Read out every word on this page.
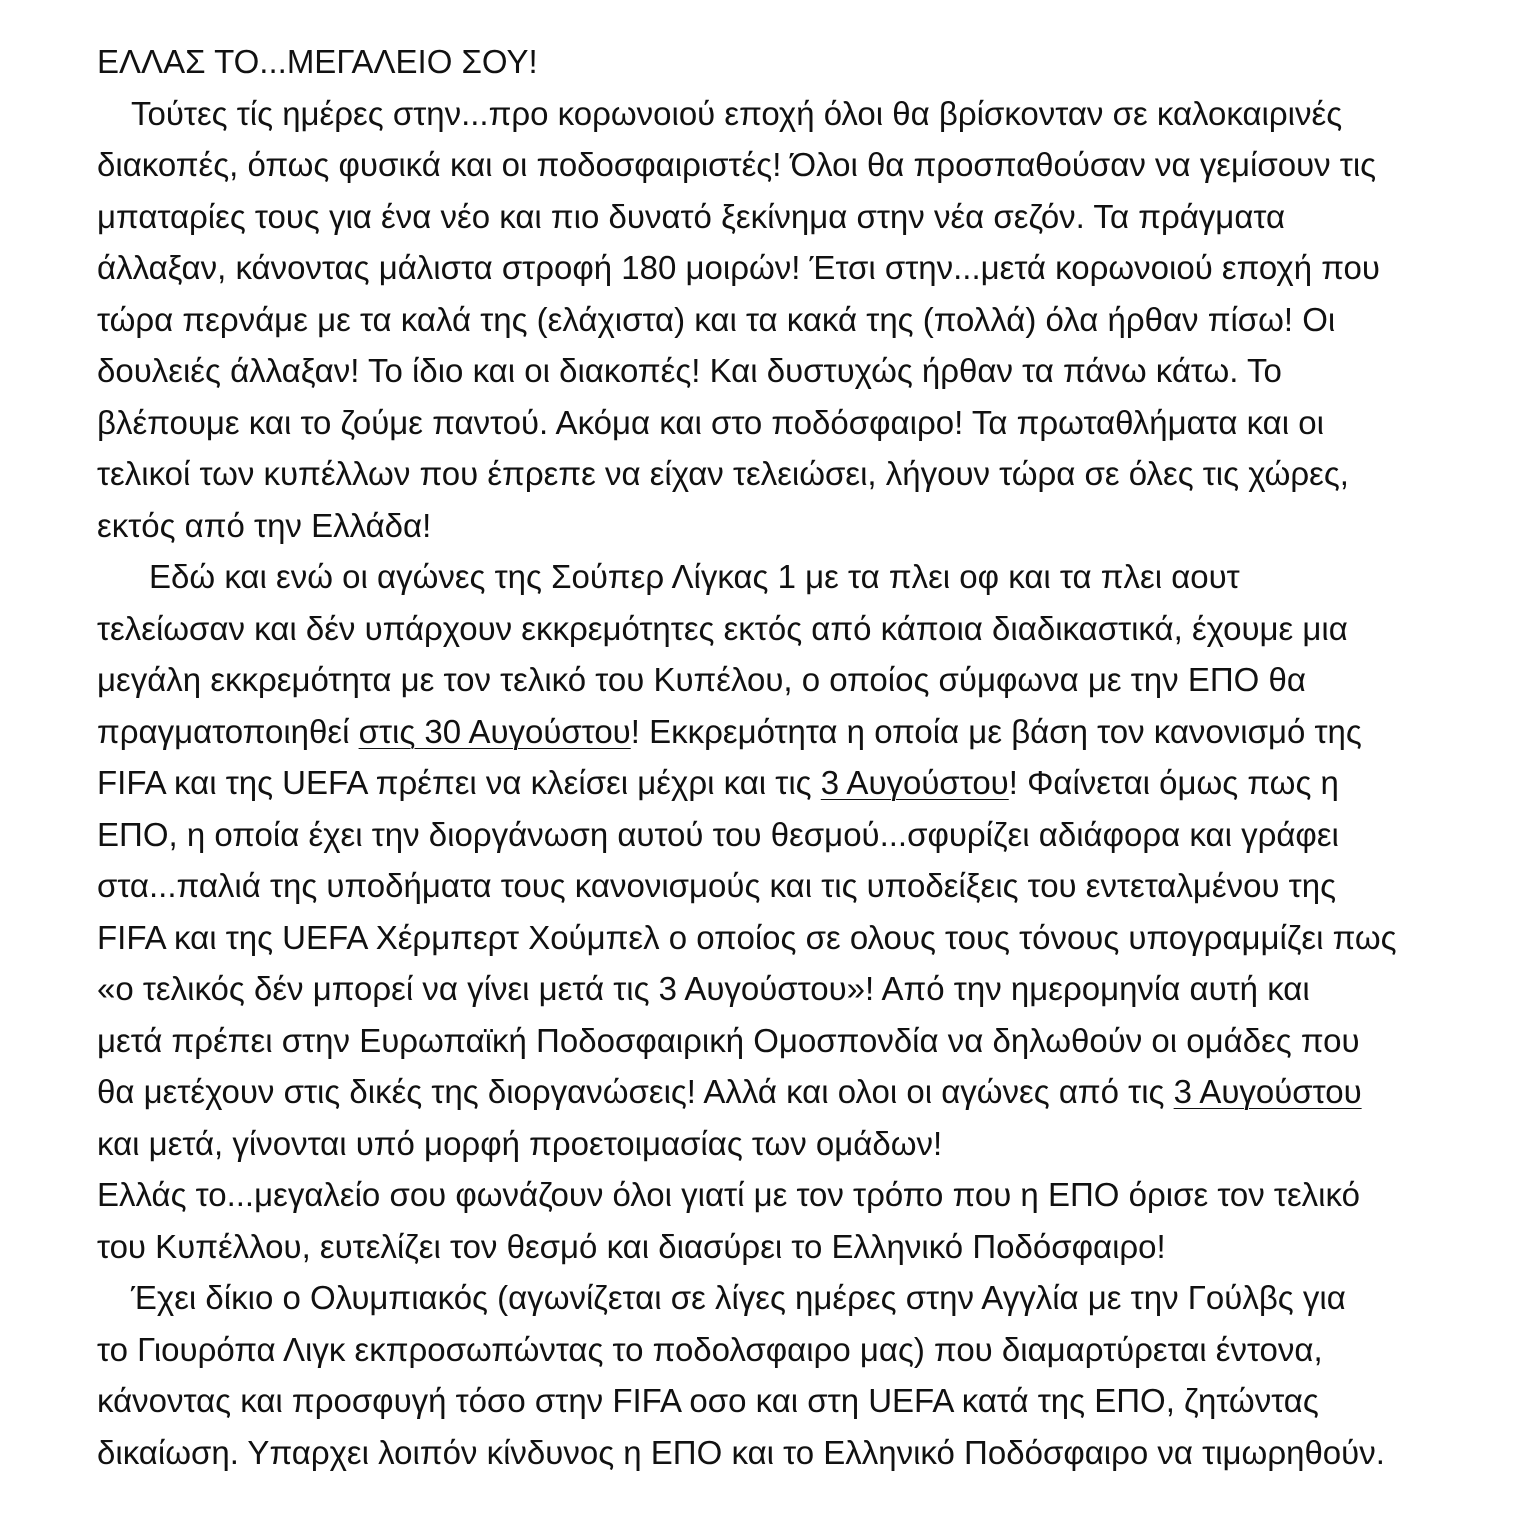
ΕΛΛΑΣ ΤΟ...ΜΕΓΑΛΕΙΟ ΣΟΥ!
Τούτες τίς ημέρες στην...προ κορωνοιού εποχή όλοι θα βρίσκονταν σε καλοκαιρινές
διακοπές, όπως φυσικά και οι ποδοσφαιριστές! Όλοι θα προσπαθούσαν να γεμίσουν τις
μπαταρίες τους για ένα νέο και πιο δυνατό ξεκίνημα στην νέα σεζόν. Τα πράγματα
άλλαξαν, κάνοντας μάλιστα στροφή 180 μοιρών! Έτσι στην...μετά κορωνοιού εποχή που
τώρα περνάμε με τα καλά της (ελάχιστα) και τα κακά της (πολλά) όλα ήρθαν πίσω! Οι
δουλειές άλλαξαν! Το ίδιο και οι διακοπές! Και δυστυχώς ήρθαν τα πάνω κάτω. Το
βλέπουμε και το ζούμε παντού. Ακόμα και στο ποδόσφαιρο! Τα πρωταθλήματα και οι
τελικοί των κυπέλλων που έπρεπε να είχαν τελειώσει, λήγουν τώρα σε όλες τις χώρες,
εκτός από την Ελλάδα!
Εδώ και ενώ οι αγώνες της Σούπερ Λίγκας 1 με τα πλει οφ και τα πλει αουτ
τελείωσαν και δέν υπάρχουν εκκρεμότητες εκτός από κάποια διαδικαστικά, έχουμε μια
μεγάλη εκκρεμότητα με τον τελικό του Κυπέλου, ο οποίος σύμφωνα με την ΕΠΟ θα
πραγματοποιηθεί στις 30 Αυγούστου! Εκκρεμότητα η οποία με βάση τον κανονισμό της
FIFA και της UEFA πρέπει να κλείσει μέχρι και τις 3 Αυγούστου! Φαίνεται όμως πως η
ΕΠΟ, η οποία έχει την διοργάνωση αυτού του θεσμού...σφυρίζει αδιάφορα και γράφει
στα...παλιά της υποδήματα τους κανονισμούς και τις υποδείξεις του εντεταλμένου της
FIFA και της UEFA Χέρμπερτ Χούμπελ ο οποίος σε ολους τους τόνους υπογραμμίζει πως
«ο τελικός δέν μπορεί να γίνει μετά τις 3 Αυγούστου»! Από την ημερομηνία αυτή και
μετά πρέπει στην Ευρωπαϊκή Ποδοσφαιρική Ομοσπονδία να δηλωθούν οι ομάδες που
θα μετέχουν στις δικές της διοργανώσεις! Αλλά και ολοι οι αγώνες από τις 3 Αυγούστου
και μετά, γίνονται υπό μορφή προετοιμασίας των ομάδων!
Ελλάς το...μεγαλείο σου φωνάζουν όλοι γιατί με τον τρόπο που η ΕΠΟ όρισε τον τελικό
του Κυπέλλου, ευτελίζει τον θεσμό και διασύρει το Ελληνικό Ποδόσφαιρο!
Έχει δίκιο ο Ολυμπιακός (αγωνίζεται σε λίγες ημέρες στην Αγγλία με την Γούλβς για
το Γιουρόπα Λιγκ εκπροσωπώντας το ποδολσφαιρο μας) που διαμαρτύρεται έντονα,
κάνοντας και προσφυγή τόσο στην FIFA οσο και στη UEFA κατά της ΕΠΟ, ζητώντας
δικαίωση. Υπαρχει λοιπόν κίνδυνος η ΕΠΟ και το Ελληνικό Ποδόσφαιρο να τιμωρηθούν.
